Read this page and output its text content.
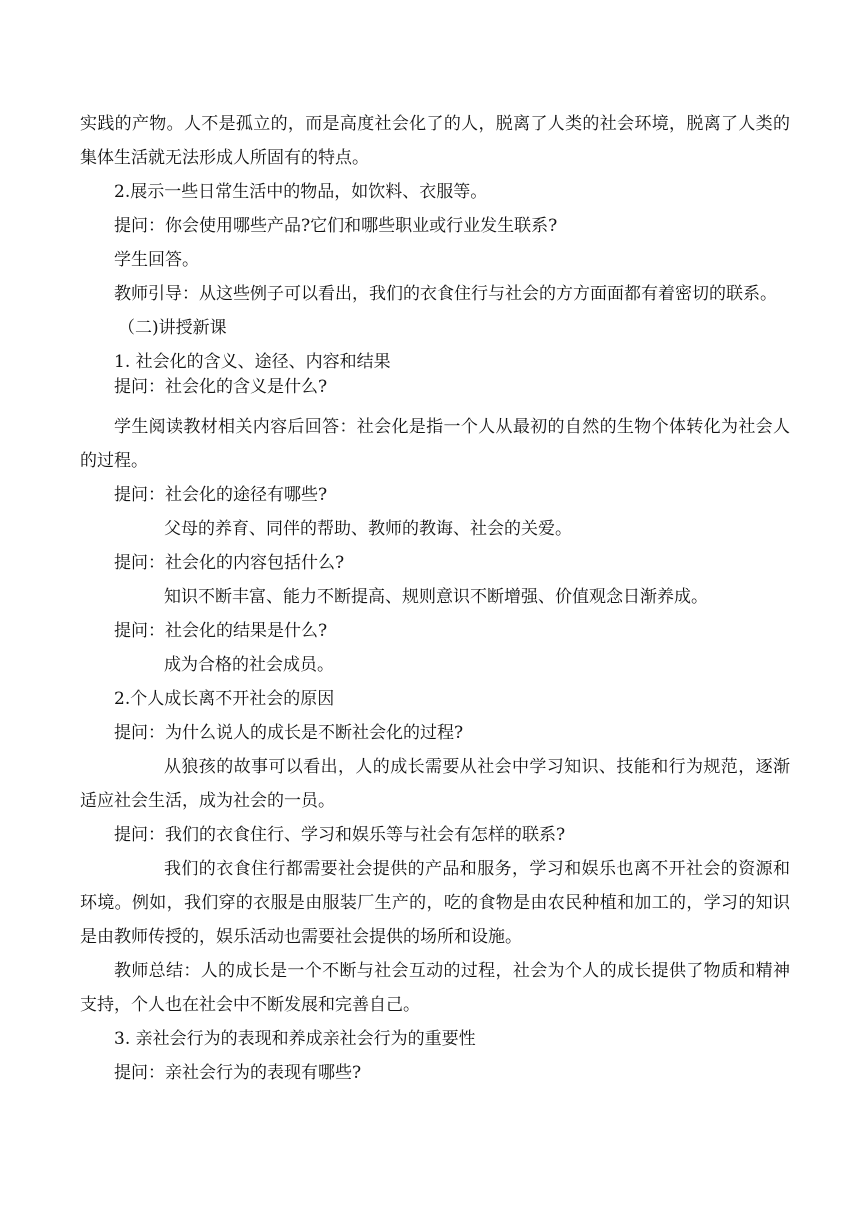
实践的产物。人不是孤立的，而是高度社会化了的人，脱离了人类的社会环境，脱离了人类的
集体生活就无法形成人所固有的特点。
2.展示一些日常生活中的物品，如饮料、衣服等。
提问：你会使用哪些产品?它们和哪些职业或行业发生联系?
学生回答。
教师引导：从这些例子可以看出，我们的衣食住行与社会的方方面面都有着密切的联系。
（二)讲授新课
1. 社会化的含义、途径、内容和结果
提问：社会化的含义是什么?
学生阅读教材相关内容后回答：社会化是指一个人从最初的自然的生物个体转化为社会人
的过程。
提问：社会化的途径有哪些?
父母的养育、同伴的帮助、教师的教诲、社会的关爱。
提问：社会化的内容包括什么?
知识不断丰富、能力不断提高、规则意识不断增强、价值观念日渐养成。
提问：社会化的结果是什么?
成为合格的社会成员。
2.个人成长离不开社会的原因
提问：为什么说人的成长是不断社会化的过程?
从狼孩的故事可以看出，人的成长需要从社会中学习知识、技能和行为规范，逐渐
适应社会生活，成为社会的一员。
提问：我们的衣食住行、学习和娱乐等与社会有怎样的联系?
我们的衣食住行都需要社会提供的产品和服务，学习和娱乐也离不开社会的资源和
环境。例如，我们穿的衣服是由服装厂生产的，吃的食物是由农民种植和加工的，学习的知识
是由教师传授的，娱乐活动也需要社会提供的场所和设施。
教师总结：人的成长是一个不断与社会互动的过程，社会为个人的成长提供了物质和精神
支持，个人也在社会中不断发展和完善自己。
3. 亲社会行为的表现和养成亲社会行为的重要性
提问：亲社会行为的表现有哪些?
